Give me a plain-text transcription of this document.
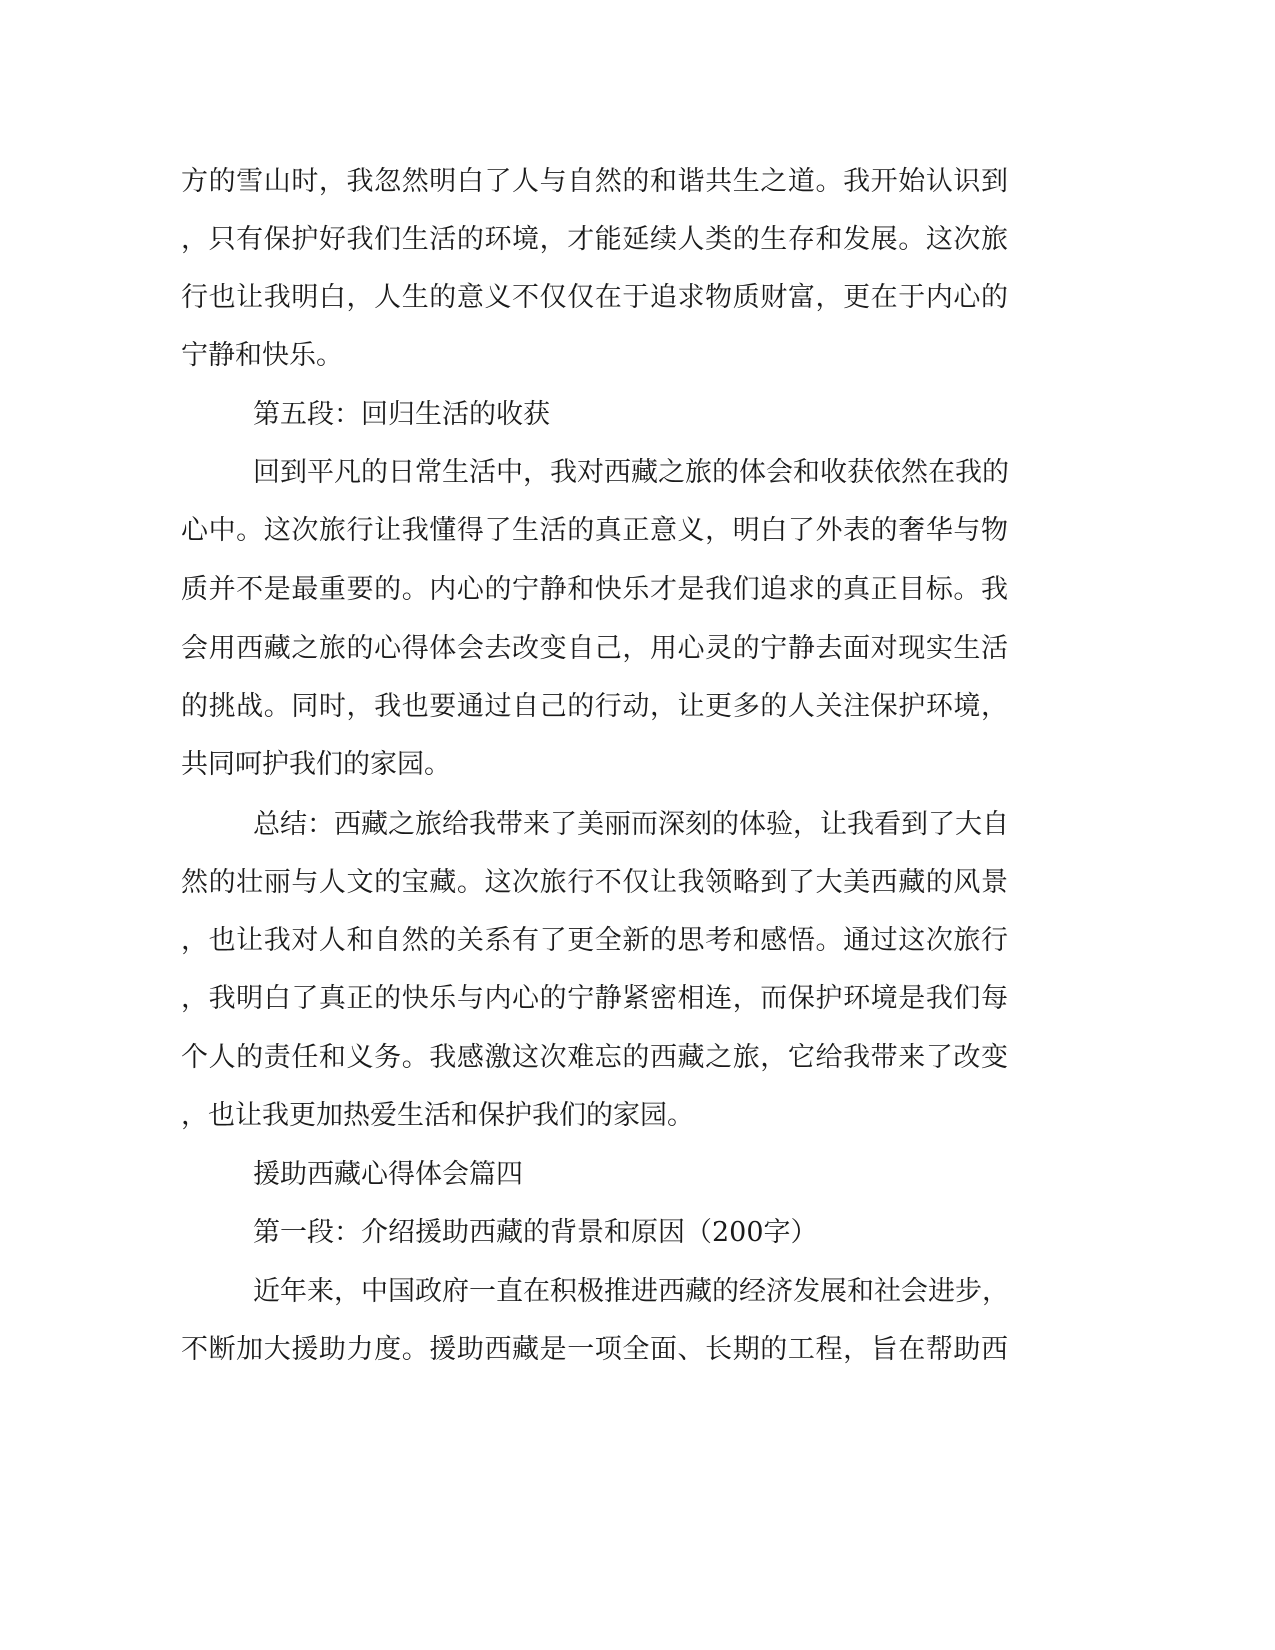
方的雪山时，我忽然明白了人与自然的和谐共生之道。我开始认识到

，只有保护好我们生活的环境，才能延续人类的生存和发展。这次旅

行也让我明白，人生的意义不仅仅在于追求物质财富，更在于内心的

宁静和快乐。

第五段：回归生活的收获

回到平凡的日常生活中，我对西藏之旅的体会和收获依然在我的

心中。这次旅行让我懂得了生活的真正意义，明白了外表的奢华与物

质并不是最重要的。内心的宁静和快乐才是我们追求的真正目标。我

会用西藏之旅的心得体会去改变自己，用心灵的宁静去面对现实生活

的挑战。同时，我也要通过自己的行动，让更多的人关注保护环境，

共同呵护我们的家园。

总结：西藏之旅给我带来了美丽而深刻的体验，让我看到了大自

然的壮丽与人文的宝藏。这次旅行不仅让我领略到了大美西藏的风景

，也让我对人和自然的关系有了更全新的思考和感悟。通过这次旅行

，我明白了真正的快乐与内心的宁静紧密相连，而保护环境是我们每

个人的责任和义务。我感激这次难忘的西藏之旅，它给我带来了改变

，也让我更加热爱生活和保护我们的家园。

援助西藏心得体会篇四

第一段：介绍援助西藏的背景和原因（200字）

近年来，中国政府一直在积极推进西藏的经济发展和社会进步，

不断加大援助力度。援助西藏是一项全面、长期的工程，旨在帮助西
